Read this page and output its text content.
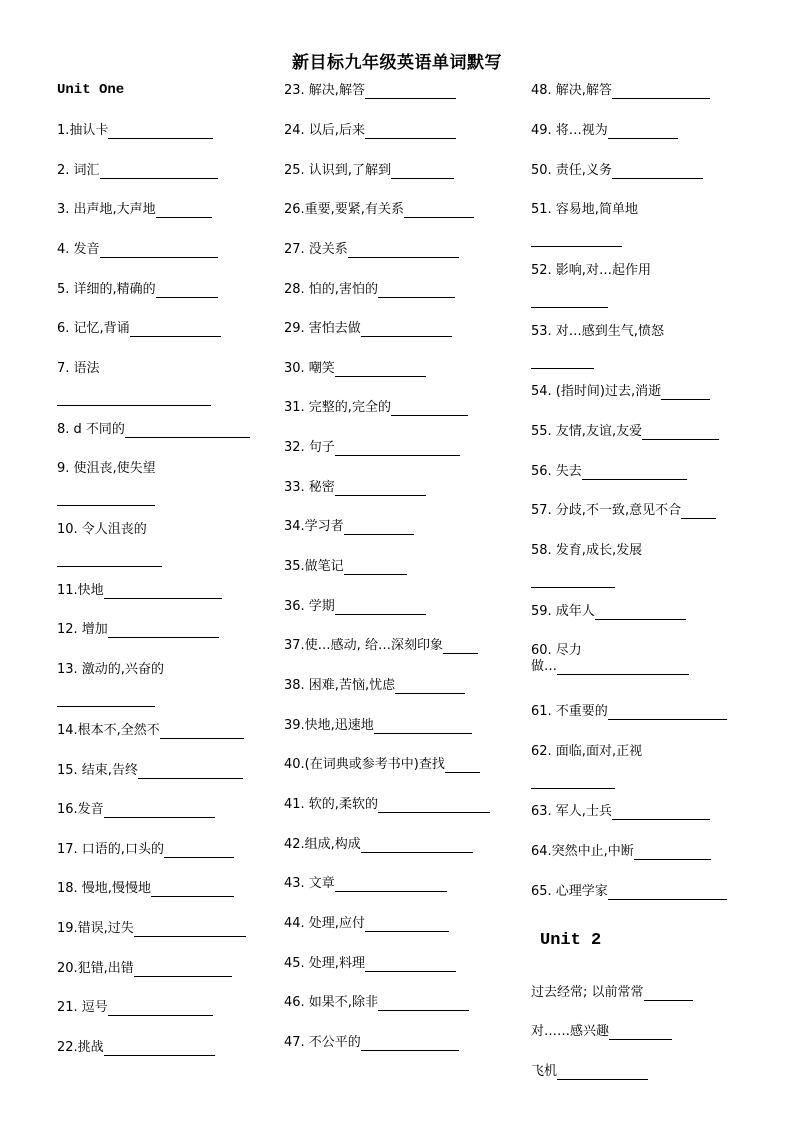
新目标九年级英语单词默写
Unit One
Unit 2
1.抽认卡
2. 词汇
3. 出声地,大声地
4. 发音
5. 详细的,精确的
6. 记忆,背诵
7. 语法
8. d 不同的
9. 使沮丧,使失望
10. 令人沮丧的
11.快地
12. 增加
13. 激动的,兴奋的
14.根本不,全然不
15. 结束,告终
16.发音
17. 口语的,口头的
18. 慢地,慢慢地
19.错误,过失
20.犯错,出错
21. 逗号
22.挑战
23. 解决,解答
24. 以后,后来
25. 认识到,了解到
26.重要,要紧,有关系
27. 没关系
28. 怕的,害怕的
29. 害怕去做
30. 嘲笑
31. 完整的,完全的
32. 句子
33. 秘密
34.学习者
35.做笔记
36. 学期
37.使…感动, 给…深刻印象
38. 困难,苦恼,忧虑
39.快地,迅速地
40.(在词典或参考书中)查找
41. 软的,柔软的
42.组成,构成
43. 文章
44. 处理,应付
45. 处理,料理
46. 如果不,除非
47. 不公平的
48. 解决,解答
49. 将…视为
50. 责任,义务
51. 容易地,简单地
52. 影响,对…起作用
53. 对…感到生气,愤怒
54. (指时间)过去,消逝
55. 友情,友谊,友爱
56. 失去
57. 分歧,不一致,意见不合
58. 发育,成长,发展
59. 成年人
60. 尽力
做…
61. 不重要的
62. 面临,面对,正视
63. 军人,士兵
64.突然中止,中断
65. 心理学家
过去经常; 以前常常
对……感兴趣
飞机
